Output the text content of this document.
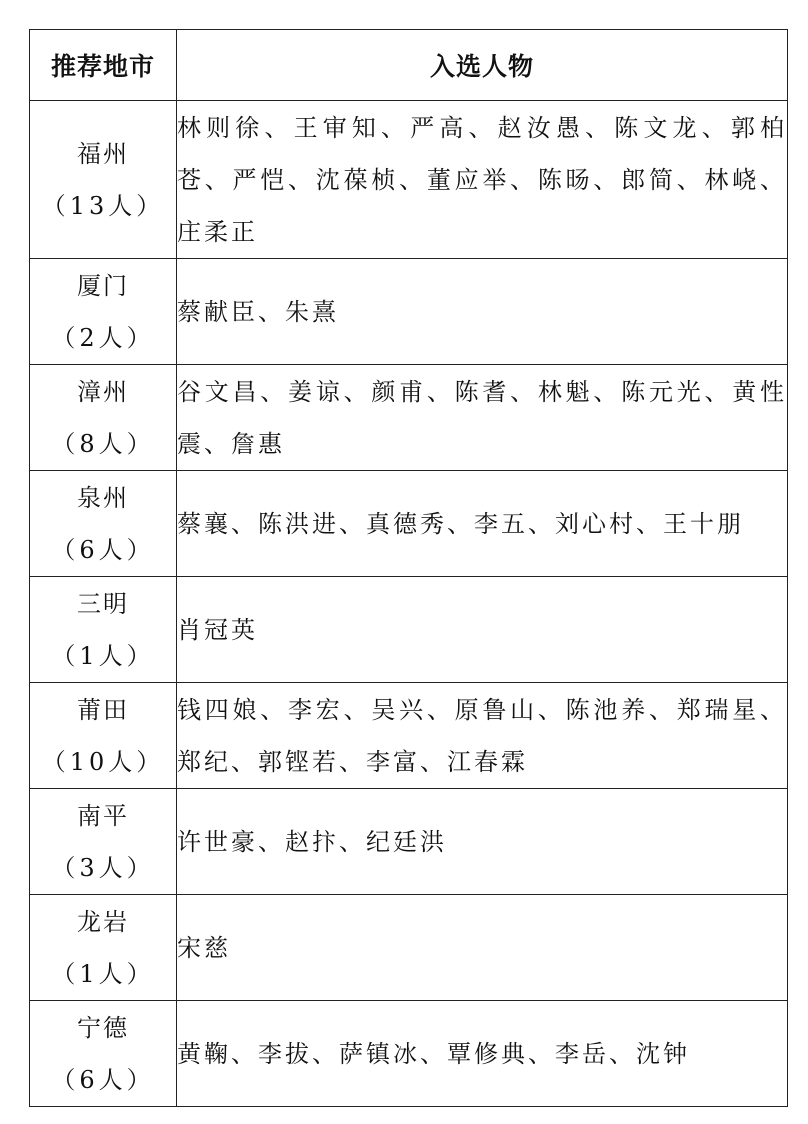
推荐地市	入选人物

福州
（13人）	林则徐、王审知、严高、赵汝愚、陈文龙、郭柏苍、严恺、沈葆桢、董应举、陈旸、郎简、林峣、庄柔正

厦门
（2人）	蔡献臣、朱熹

漳州
（8人）	谷文昌、姜谅、颜甫、陈耆、林魁、陈元光、黄性震、詹惠

泉州
（6人）	蔡襄、陈洪进、真德秀、李五、刘心村、王十朋

三明
（1人）	肖冠英

莆田
（10人）	钱四娘、李宏、吴兴、原鲁山、陈池养、郑瑞星、郑纪、郭铿若、李富、江春霖

南平
（3人）	许世豪、赵抃、纪廷洪

龙岩
（1人）	宋慈

宁德
（6人）	黄鞠、李拔、萨镇冰、覃修典、李岳、沈钟
